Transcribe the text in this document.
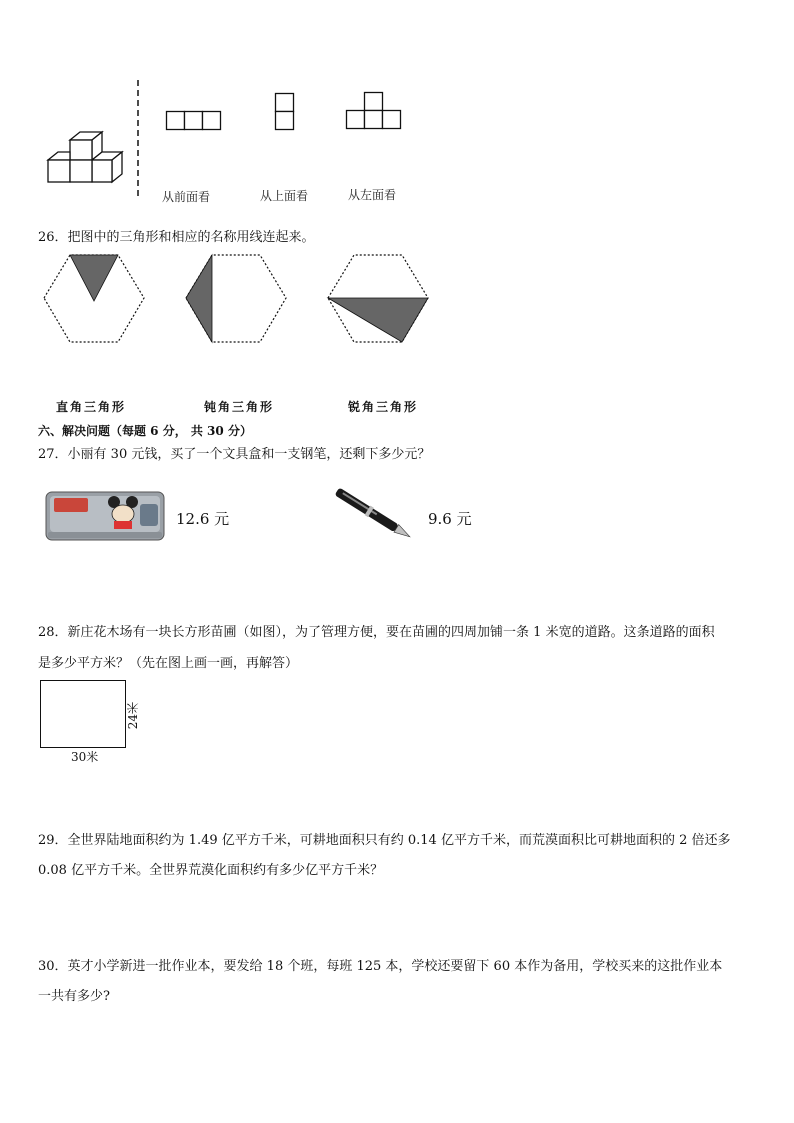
从前面看	从上面看	从左面看
26．把图中的三角形和相应的名称用线连起来。
直角三角形	钝角三角形	锐角三角形
六、解决问题（每题 6 分， 共 30 分）
27．小丽有 30 元钱，买了一个文具盒和一支钢笔，还剩下多少元？
12.6 元	9.6 元
28．新庄花木场有一块长方形苗圃（如图），为了管理方便，要在苗圃的四周加铺一条 1 米宽的道路。这条道路的面积
是多少平方米？（先在图上画一画，再解答）
24米
30米
29．全世界陆地面积约为 1.49 亿平方千米，可耕地面积只有约 0.14 亿平方千米，而荒漠面积比可耕地面积的 2 倍还多
0.08 亿平方千米。全世界荒漠化面积约有多少亿平方千米？
30．英才小学新进一批作业本，要发给 18 个班，每班 125 本，学校还要留下 60 本作为备用，学校买来的这批作业本
一共有多少?
